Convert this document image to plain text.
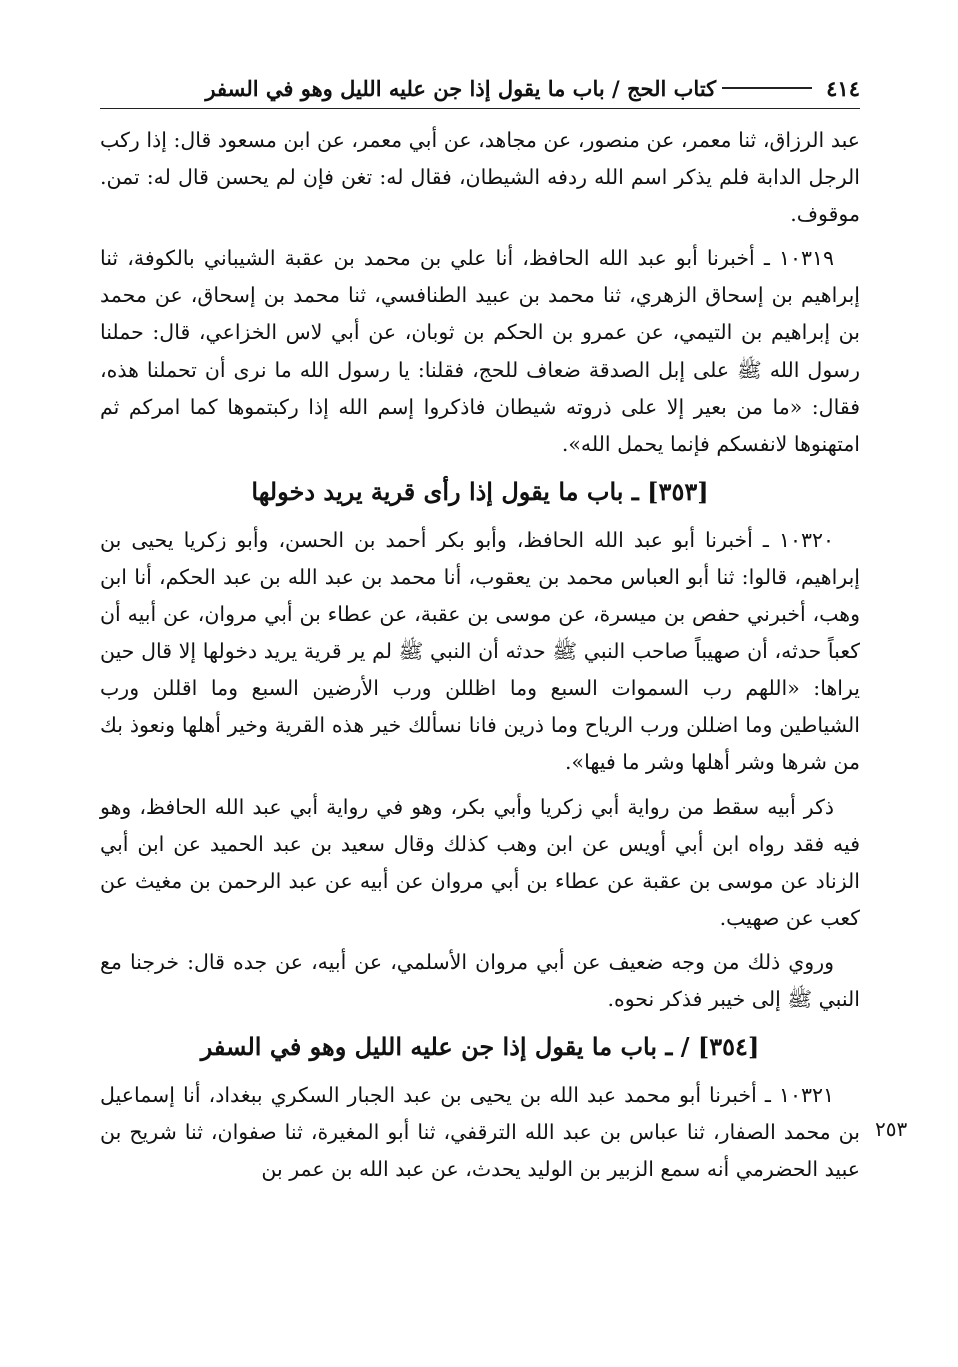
٤١٤
كتاب الحج / باب ما يقول إذا جن عليه الليل وهو في السفر

عبد الرزاق، ثنا معمر، عن منصور، عن مجاهد، عن أبي معمر، عن ابن مسعود قال: إذا ركب الرجل الدابة فلم يذكر اسم الله ردفه الشيطان، فقال له: تغن فإن لم يحسن قال له: تمن. موقوف.

١٠٣١٩ ـ أخبرنا أبو عبد الله الحافظ، أنا علي بن محمد بن عقبة الشيباني بالكوفة، ثنا إبراهيم بن إسحاق الزهري، ثنا محمد بن عبيد الطنافسي، ثنا محمد بن إسحاق، عن محمد بن إبراهيم بن التيمي، عن عمرو بن الحكم بن ثوبان، عن أبي لاس الخزاعي، قال: حملنا رسول الله ﷺ على إبل الصدقة ضعاف للحج، فقلنا: يا رسول الله ما نرى أن تحملنا هذه، فقال: «ما من بعير إلا على ذروته شيطان فاذكروا إسم الله إذا ركبتموها كما امركم ثم امتهنوها لانفسكم فإنما يحمل الله».

[٣٥٣] ـ باب ما يقول إذا رأى قرية يريد دخولها

١٠٣٢٠ ـ أخبرنا أبو عبد الله الحافظ، وأبو بكر أحمد بن الحسن، وأبو زكريا يحيى بن إبراهيم، قالوا: ثنا أبو العباس محمد بن يعقوب، أنا محمد بن عبد الله بن عبد الحكم، أنا ابن وهب، أخبرني حفص بن ميسرة، عن موسى بن عقبة، عن عطاء بن أبي مروان، عن أبيه أن كعباً حدثه، أن صهيباً صاحب النبي ﷺ حدثه أن النبي ﷺ لم ير قرية يريد دخولها إلا قال حين يراها: «اللهم رب السموات السبع وما اظللن ورب الأرضين السبع وما اقللن ورب الشياطين وما اضللن ورب الرياح وما ذرين فانا نسألك خير هذه القرية وخير أهلها ونعوذ بك من شرها وشر أهلها وشر ما فيها».

ذكر أبيه سقط من رواية أبي زكريا وأبي بكر، وهو في رواية أبي عبد الله الحافظ، وهو فيه فقد رواه ابن أبي أويس عن ابن وهب كذلك وقال سعيد بن عبد الحميد عن ابن أبي الزناد عن موسى بن عقبة عن عطاء بن أبي مروان عن أبيه عن عبد الرحمن بن مغيث عن كعب عن صهيب.

وروي ذلك من وجه ضعيف عن أبي مروان الأسلمي، عن أبيه، عن جده قال: خرجنا مع النبي ﷺ إلى خيبر فذكر نحوه.

[٣٥٤] / ـ باب ما يقول إذا جن عليه الليل وهو في السفر

١٠٣٢١ ـ أخبرنا أبو محمد عبد الله بن يحيى بن عبد الجبار السكري ببغداد، أنا إسماعيل بن محمد الصفار، ثنا عباس بن عبد الله الترقفي، ثنا أبو المغيرة، ثنا صفوان، ثنا شريح بن عبيد الحضرمي أنه سمع الزبير بن الوليد يحدث، عن عبد الله بن عمر بن

٢٥٣
